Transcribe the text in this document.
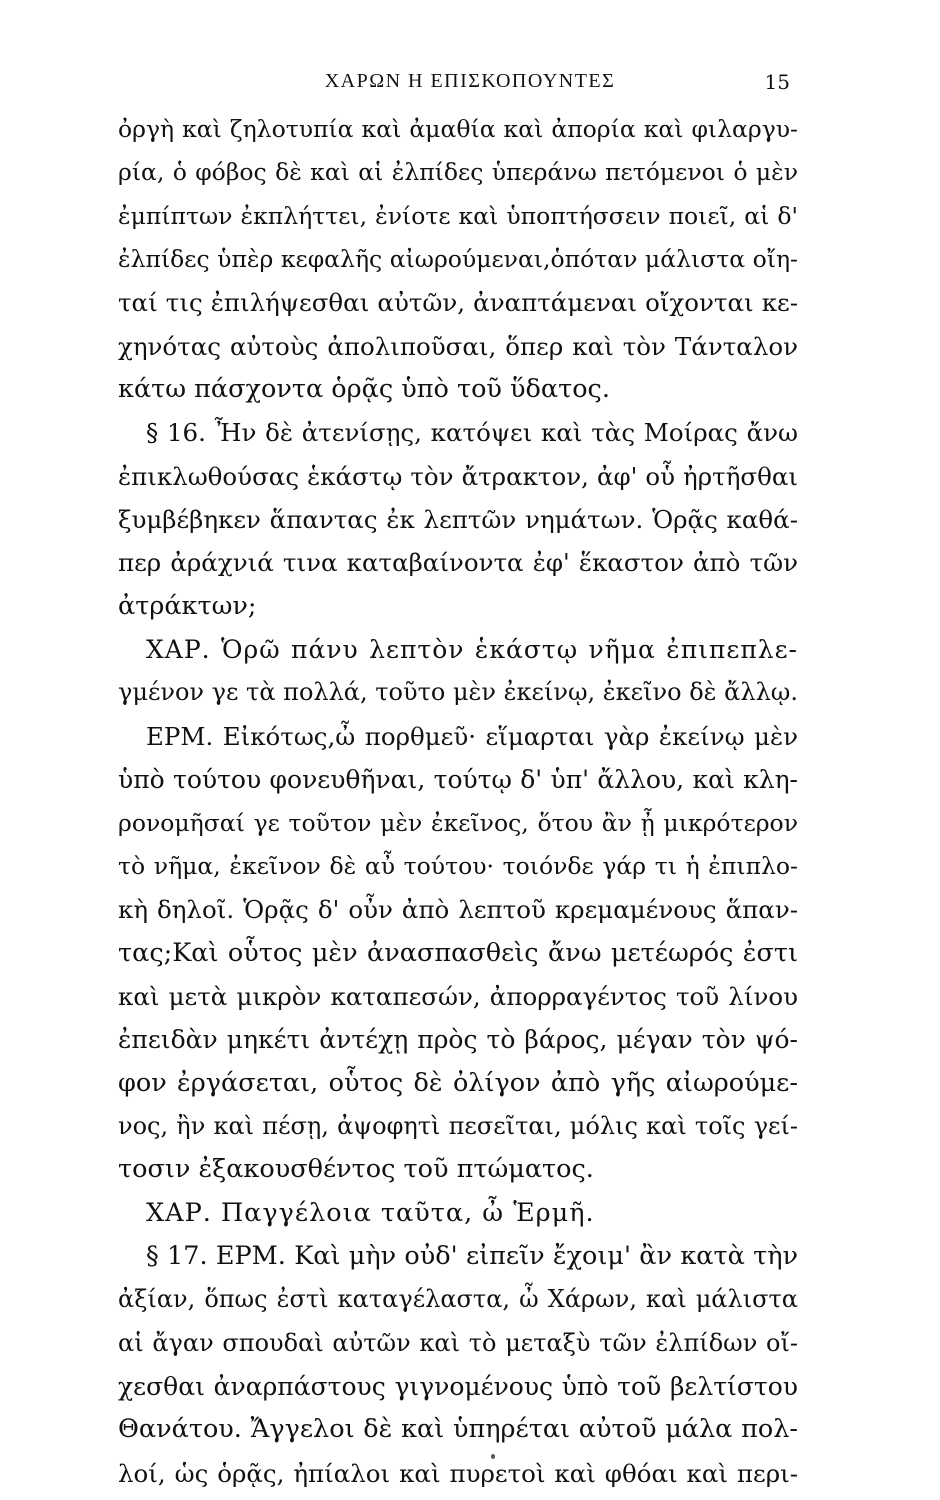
ΧΑΡΩΝ Η ΕΠΙΣΚΟΠΟΥΝΤΕΣ	15
ὀργὴ καὶ ζηλοτυπία καὶ ἀμαθία καὶ ἀπορία καὶ φιλαργυ-
ρία, ὁ φόβος δὲ καὶ αἱ ἐλπίδες ὑπεράνω πετόμενοι ὁ μὲν
ἐμπίπτων ἐκπλήττει, ἐνίοτε καὶ ὑποπτήσσειν ποιεῖ, αἱ δ'
ἐλπίδες ὑπὲρ κεφαλῆς αἰωρούμεναι,ὁπόταν μάλιστα οἴη-
ταί τις ἐπιλήψεσθαι αὐτῶν, ἀναπτάμεναι οἴχονται κε-
χηνότας αὐτοὺς ἀπολιποῦσαι, ὅπερ καὶ τὸν Τάνταλον
κάτω πάσχοντα ὁρᾷς ὑπὸ τοῦ ὕδατος.
§ 16. Ἦν δὲ ἀτενίσῃς, κατόψει καὶ τὰς Μοίρας ἄνω
ἐπικλωθούσας ἑκάστῳ τὸν ἄτρακτον, ἀφ' οὗ ἠρτῆσθαι
ξυμβέβηκεν ἅπαντας ἐκ λεπτῶν νημάτων. Ὁρᾷς καθά-
περ ἀράχνιά τινα καταβαίνοντα ἐφ' ἕκαστον ἀπὸ τῶν
ἀτράκτων;
ΧΑΡ. Ὁρῶ πάνυ λεπτὸν ἑκάστῳ νῆμα ἐπιπεπλε-
γμένον γε τὰ πολλά, τοῦτο μὲν ἐκείνῳ, ἐκεῖνο δὲ ἄλλῳ.
ΕΡΜ. Εἰκότως,ὦ πορθμεῦ· εἵμαρται γὰρ ἐκείνῳ μὲν
ὑπὸ τούτου φονευθῆναι, τούτῳ δ' ὑπ' ἄλλου, καὶ κλη-
ρονομῆσαί γε τοῦτον μὲν ἐκεῖνος, ὅτου ἂν ᾖ μικρότερον
τὸ νῆμα, ἐκεῖνον δὲ αὖ τούτου· τοιόνδε γάρ τι ἡ ἐπιπλο-
κὴ δηλοῖ. Ὁρᾷς δ' οὖν ἀπὸ λεπτοῦ κρεμαμένους ἅπαν-
τας;Καὶ οὗτος μὲν ἀνασπασθεὶς ἄνω μετέωρός ἐστι
καὶ μετὰ μικρὸν καταπεσών, ἀπορραγέντος τοῦ λίνου
ἐπειδὰν μηκέτι ἀντέχῃ πρὸς τὸ βάρος, μέγαν τὸν ψό-
φον ἐργάσεται, οὗτος δὲ ὀλίγον ἀπὸ γῆς αἰωρούμε-
νος, ἢν καὶ πέσῃ, ἀψοφητὶ πεσεῖται, μόλις καὶ τοῖς γεί-
τοσιν ἐξακουσθέντος τοῦ πτώματος.
ΧΑΡ. Παγγέλοια ταῦτα, ὦ Ἑρμῆ.
§ 17. ΕΡΜ. Καὶ μὴν οὐδ' εἰπεῖν ἔχοιμ' ἂν κατὰ τὴν
ἀξίαν, ὅπως ἐστὶ καταγέλαστα, ὦ Χάρων, καὶ μάλιστα
αἱ ἄγαν σπουδαὶ αὐτῶν καὶ τὸ μεταξὺ τῶν ἐλπίδων οἴ-
χεσθαι ἀναρπάστους γιγνομένους ὑπὸ τοῦ βελτίστου
Θανάτου. Ἄγγελοι δὲ καὶ ὑπηρέται αὐτοῦ μάλα πολ-
λοί, ὡς ὁρᾷς, ἠπίαλοι καὶ πυρετοὶ καὶ φθόαι καὶ περι-
